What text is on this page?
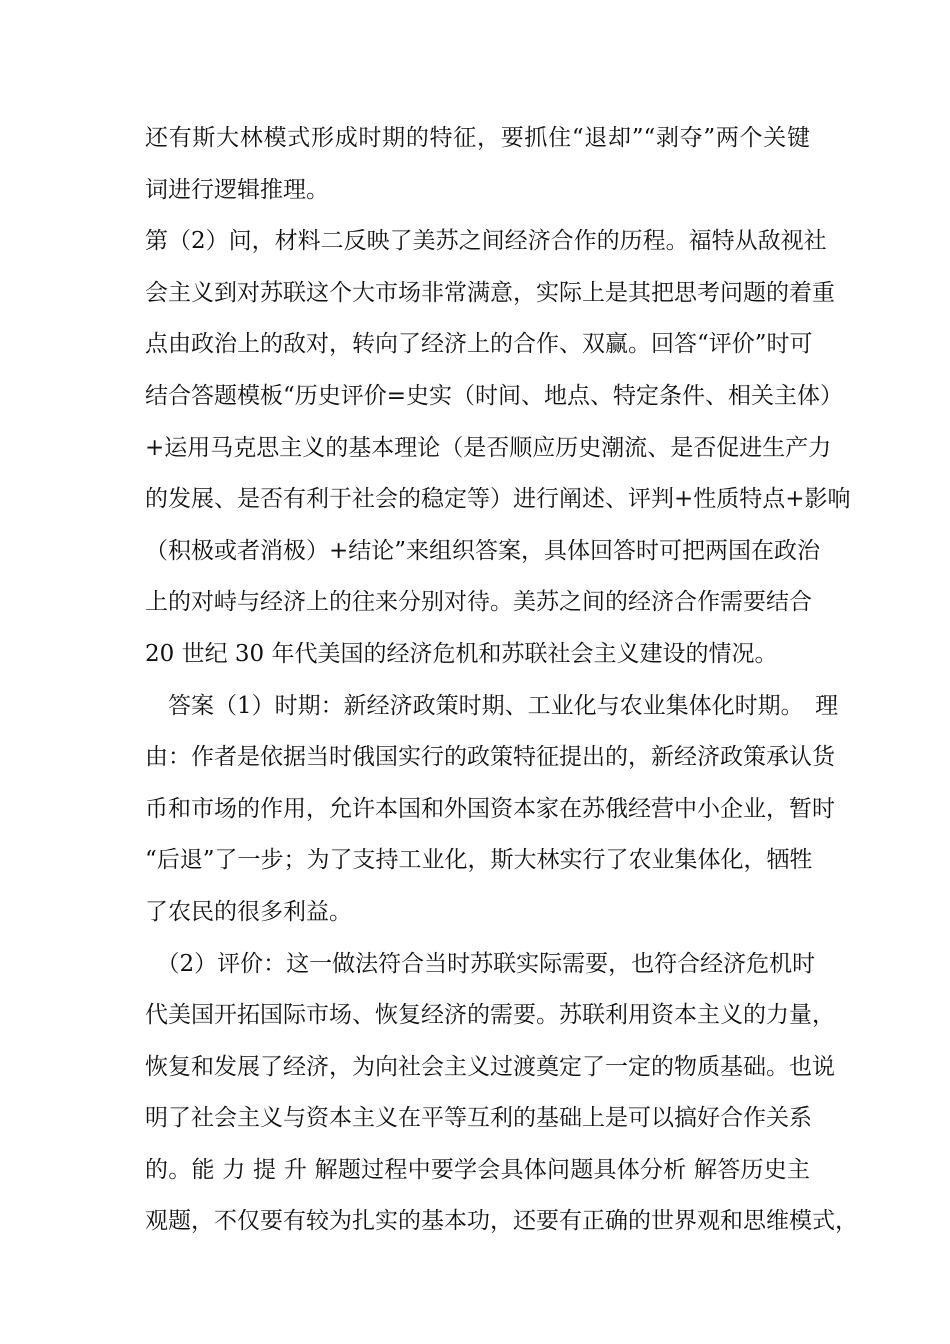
还有斯大林模式形成时期的特征，要抓住“退却”“剥夺”两个关键
词进行逻辑推理。
第（2）问，材料二反映了美苏之间经济合作的历程。福特从敌视社
会主义到对苏联这个大市场非常满意，实际上是其把思考问题的着重
点由政治上的敌对，转向了经济上的合作、双赢。回答“评价”时可
结合答题模板“历史评价=史实（时间、地点、特定条件、相关主体）
+运用马克思主义的基本理论（是否顺应历史潮流、是否促进生产力
的发展、是否有利于社会的稳定等）进行阐述、评判+性质特点+影响
（积极或者消极）+结论”来组织答案，具体回答时可把两国在政治
上的对峙与经济上的往来分别对待。美苏之间的经济合作需要结合
20 世纪 30 年代美国的经济危机和苏联社会主义建设的情况。
　答案（1）时期：新经济政策时期、工业化与农业集体化时期。　理
由：作者是依据当时俄国实行的政策特征提出的，新经济政策承认货
币和市场的作用，允许本国和外国资本家在苏俄经营中小企业，暂时
“后退”了一步；为了支持工业化，斯大林实行了农业集体化，牺牲
了农民的很多利益。
　（2）评价：这一做法符合当时苏联实际需要，也符合经济危机时
代美国开拓国际市场、恢复经济的需要。苏联利用资本主义的力量，
恢复和发展了经济，为向社会主义过渡奠定了一定的物质基础。也说
明了社会主义与资本主义在平等互利的基础上是可以搞好合作关系
的。能 力 提 升 解题过程中要学会具体问题具体分析 解答历史主
观题，不仅要有较为扎实的基本功，还要有正确的世界观和思维模式，
